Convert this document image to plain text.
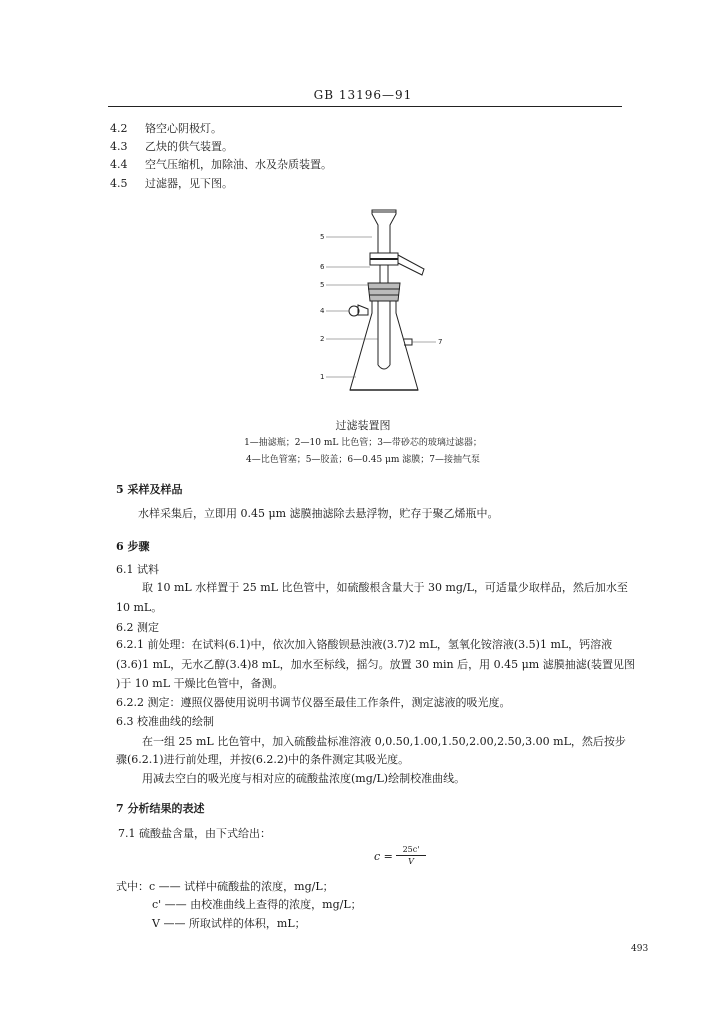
GB 13196—91
4.2 铬空心阴极灯。
4.3 乙炔的供气装置。
4.4 空气压缩机，加除油、水及杂质装置。
4.5 过滤器，见下图。
5
6
5
4
2	7
1
过滤装置图
1—抽滤瓶；2—10 mL 比色管；3—带砂芯的玻璃过滤器；
4—比色管塞；5—胶盖；6—0.45 μm 滤膜；7—接抽气泵
5 采样及样品
水样采集后，立即用 0.45 μm 滤膜抽滤除去悬浮物，贮存于聚乙烯瓶中。
6 步骤
6.1 试料
取 10 mL 水样置于 25 mL 比色管中，如硫酸根含量大于 30 mg/L，可适量少取样品，然后加水至
10 mL。
6.2 测定
6.2.1 前处理：在试料(6.1)中，依次加入铬酸钡悬浊液(3.7)2 mL，氢氧化铵溶液(3.5)1 mL，钙溶液
(3.6)1 mL，无水乙醇(3.4)8 mL，加水至标线，摇匀。放置 30 min 后，用 0.45 μm 滤膜抽滤(装置见图
)于 10 mL 干燥比色管中，备测。
6.2.2 测定：遵照仪器使用说明书调节仪器至最佳工作条件，测定滤液的吸光度。
6.3 校准曲线的绘制
在一组 25 mL 比色管中，加入硫酸盐标准溶液 0,0.50,1.00,1.50,2.00,2.50,3.00 mL，然后按步
骤(6.2.1)进行前处理，并按(6.2.2)中的条件测定其吸光度。
用减去空白的吸光度与相对应的硫酸盐浓度(mg/L)绘制校准曲线。
7 分析结果的表述
7.1 硫酸盐含量，由下式给出：
$c = \frac{25c'}{V}$
式中：c —— 试样中硫酸盐的浓度，mg/L；
c' —— 由校准曲线上查得的浓度，mg/L；
V —— 所取试样的体积，mL；
493
